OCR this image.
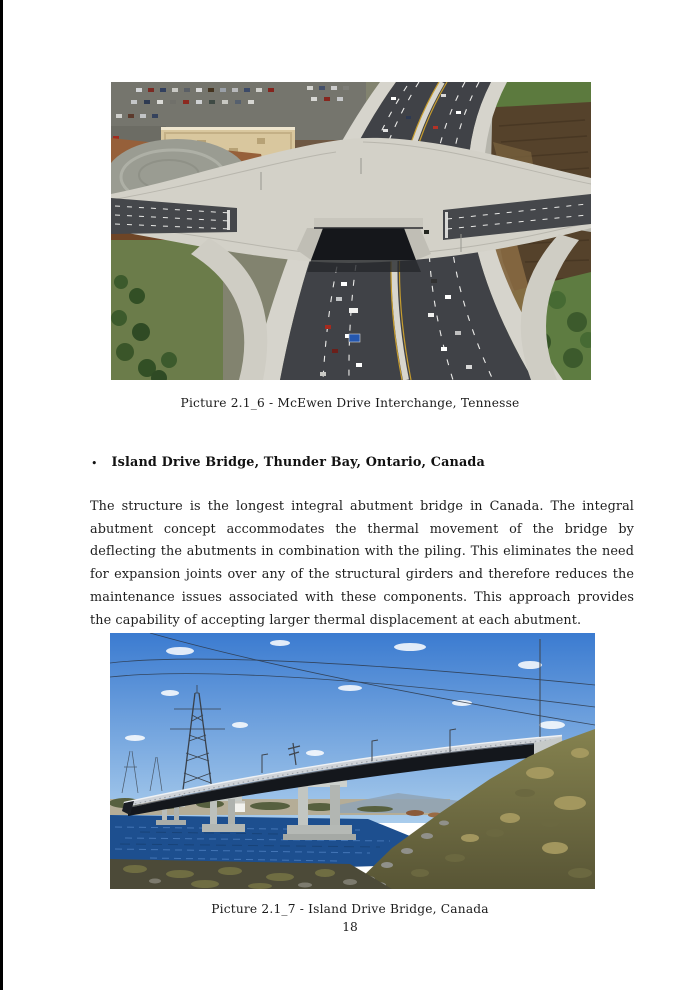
Picture 2.1_6 - McEwen Drive Interchange, Tennesse
• Island Drive Bridge, Thunder Bay, Ontario, Canada
The structure is the longest integral abutment bridge in Canada. The integral abutment concept accommodates the thermal movement of the bridge by deflecting the abutments in combination with the piling. This eliminates the need for expansion joints over any of the structural girders and therefore reduces the maintenance issues associated with these components. This approach provides the capability of accepting larger thermal displacement at each abutment.
Picture 2.1_7 - Island Drive Bridge, Canada
18
